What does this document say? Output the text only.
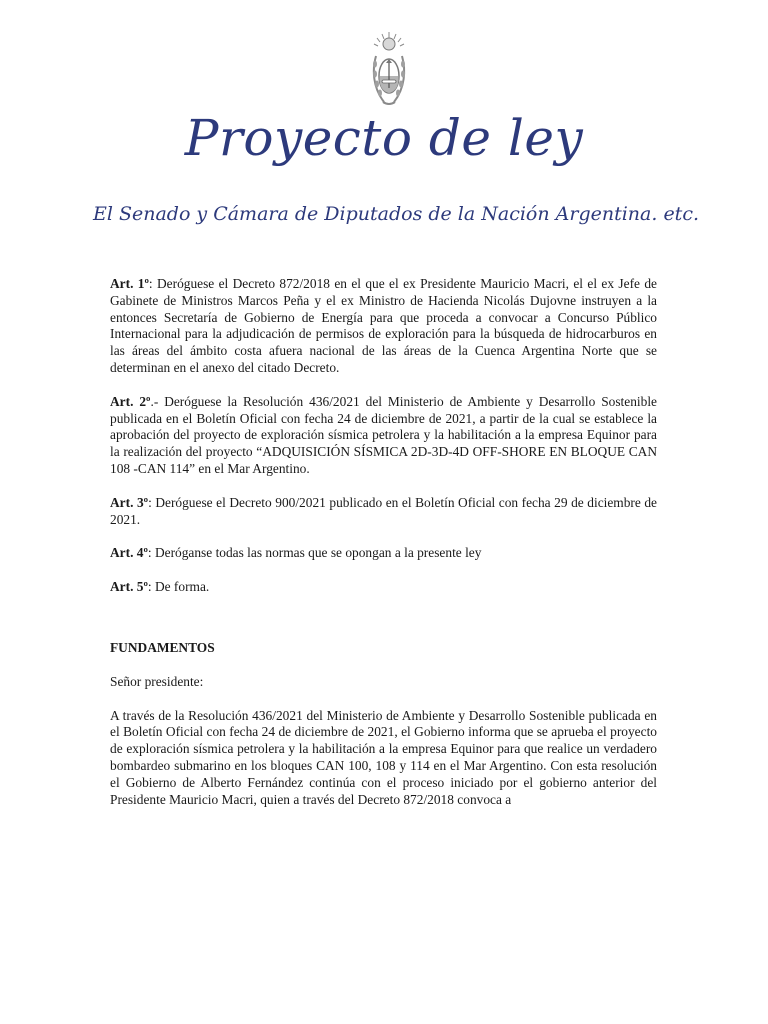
Proyecto de ley
El Senado y Cámara de Diputados de la Nación Argentina. etc.

Art. 1º: Deróguese el Decreto 872/2018 en el que el ex Presidente Mauricio Macri, el el ex Jefe de Gabinete de Ministros Marcos Peña y el ex Ministro de Hacienda Nicolás Dujovne instruyen a la entonces Secretaría de Gobierno de Energía para que proceda a convocar a Concurso Público Internacional para la adjudicación de permisos de exploración para la búsqueda de hidrocarburos en las áreas del ámbito costa afuera nacional de las áreas de la Cuenca Argentina Norte que se determinan en el anexo del citado Decreto.

Art. 2º.- Deróguese la Resolución 436/2021 del Ministerio de Ambiente y Desarrollo Sostenible publicada en el Boletín Oficial con fecha 24 de diciembre de 2021, a partir de la cual se establece la aprobación del proyecto de exploración sísmica petrolera y la habilitación a la empresa Equinor para la realización del proyecto “ADQUISICIÓN SÍSMICA 2D-3D-4D OFF-SHORE EN BLOQUE CAN 108 -CAN 114” en el Mar Argentino.

Art. 3º: Deróguese el Decreto 900/2021 publicado en el Boletín Oficial con fecha 29 de diciembre de 2021.

Art. 4º: Deróganse todas las normas que se opongan a la presente ley

Art. 5º: De forma.

FUNDAMENTOS

Señor presidente:

A través de la Resolución 436/2021 del Ministerio de Ambiente y Desarrollo Sostenible publicada en el Boletín Oficial con fecha 24 de diciembre de 2021, el Gobierno informa que se aprueba el proyecto de exploración sísmica petrolera y la habilitación a la empresa Equinor para que realice un verdadero bombardeo submarino en los bloques CAN 100, 108 y 114 en el Mar Argentino. Con esta resolución el Gobierno de Alberto Fernández continúa con el proceso iniciado por el gobierno anterior del Presidente Mauricio Macri, quien a través del Decreto 872/2018 convoca a
